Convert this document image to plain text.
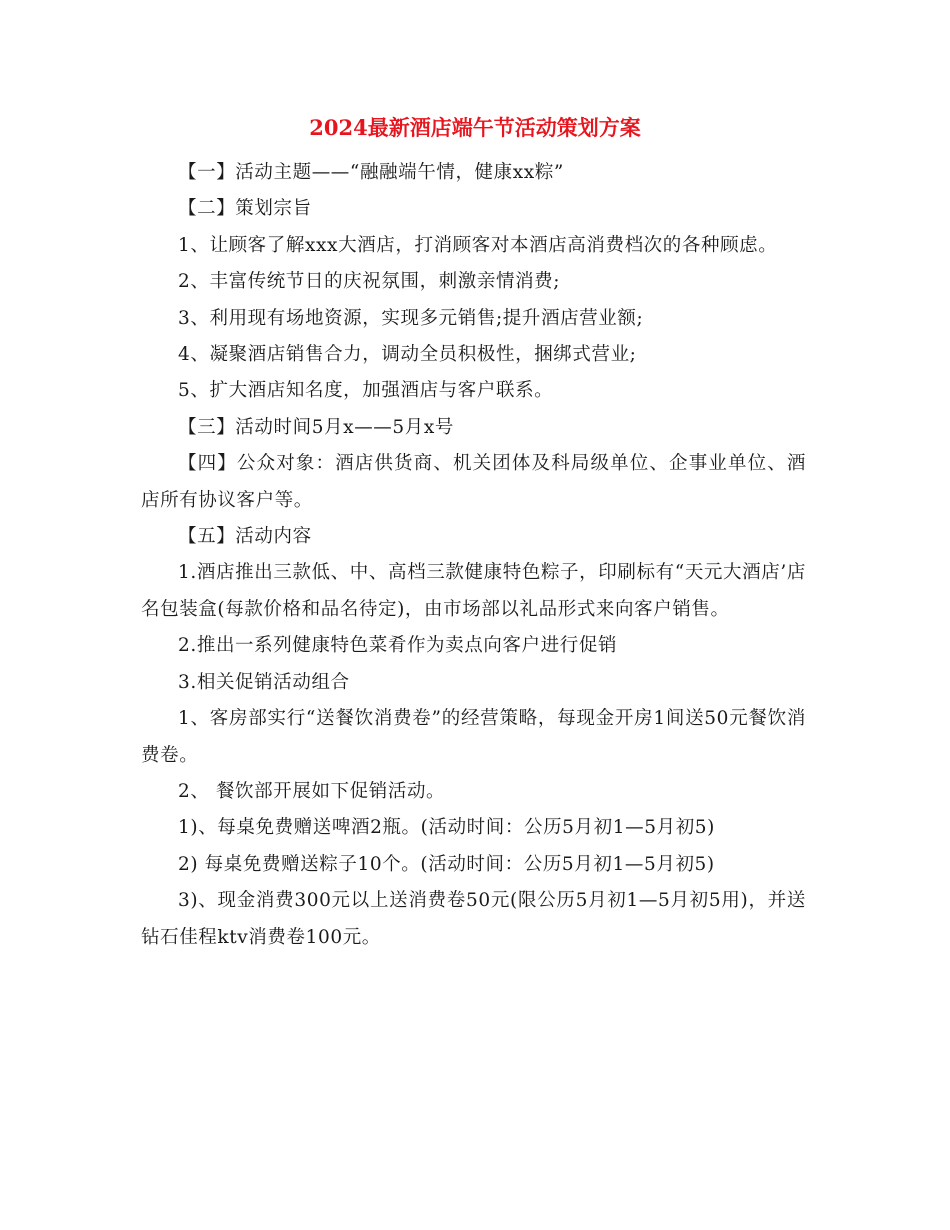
2024最新酒店端午节活动策划方案

【一】活动主题——“融融端午情，健康xx粽”

【二】策划宗旨

1、让顾客了解xxx大酒店，打消顾客对本酒店高消费档次的各种顾虑。

2、丰富传统节日的庆祝氛围，刺激亲情消费;

3、利用现有场地资源，实现多元销售;提升酒店营业额;

4、凝聚酒店销售合力，调动全员积极性，捆绑式营业;

5、扩大酒店知名度，加强酒店与客户联系。

【三】活动时间5月x——5月x号

【四】公众对象：酒店供货商、机关团体及科局级单位、企事业单位、酒店所有协议客户等。

【五】活动内容

1.酒店推出三款低、中、高档三款健康特色粽子，印刷标有“天元大酒店’店名包装盒(每款价格和品名待定)，由市场部以礼品形式来向客户销售。

2.推出一系列健康特色菜肴作为卖点向客户进行促销

3.相关促销活动组合

1、客房部实行“送餐饮消费卷”的经营策略，每现金开房1间送50元餐饮消费卷。

2、 餐饮部开展如下促销活动。

1)、每桌免费赠送啤酒2瓶。(活动时间：公历5月初1—5月初5)

2) 每桌免费赠送粽子10个。(活动时间：公历5月初1—5月初5)

3)、现金消费300元以上送消费卷50元(限公历5月初1—5月初5用)，并送钻石佳程ktv消费卷100元。
